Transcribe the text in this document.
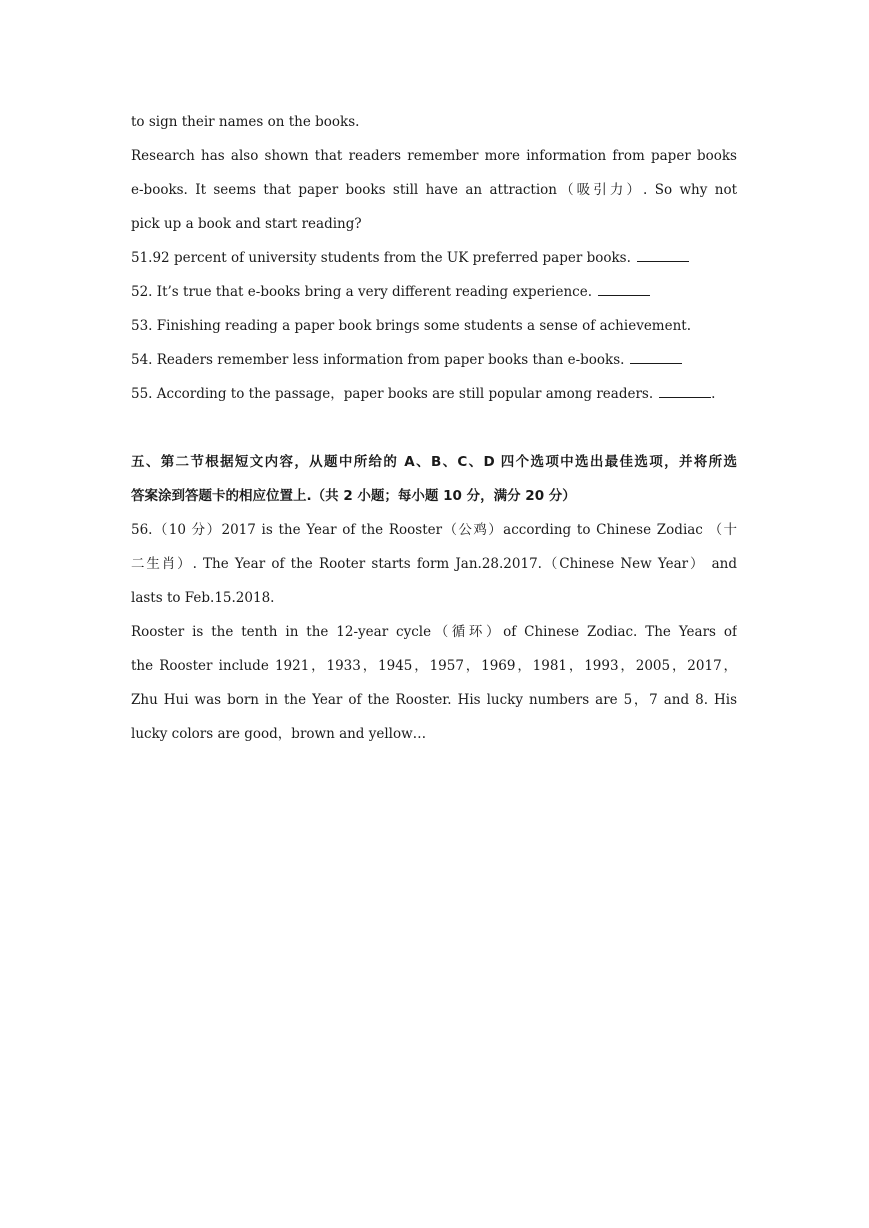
to sign their names on the books.
Research has also shown that readers remember more information from paper books
e‑books. It seems that paper books still have an attraction（吸引力）. So why not
pick up a book and start reading?
51.92 percent of university students from the UK preferred paper books.
52. It’s true that e‑books bring a very different reading experience.
53. Finishing reading a paper book brings some students a sense of achievement.
54. Readers remember less information from paper books than e‑books.
55. According to the passage，paper books are still popular among readers.	.
五、第二节根据短文内容，从题中所给的 A、B、C、D 四个选项中选出最佳选项，并将所选
答案涂到答题卡的相应位置上.（共 2 小题；每小题 10 分，满分 20 分）
56.（10 分）2017 is the Year of the Rooster（公鸡）according to Chinese Zodiac （十
二生肖）. The Year of the Rooter starts form Jan.28.2017.（Chinese New Year） and
lasts to Feb.15.2018.
Rooster is the tenth in the 12‑year cycle（循环）of Chinese Zodiac. The Years of
the Rooster include 1921，1933，1945，1957，1969，1981，1993，2005，2017，
Zhu Hui was born in the Year of the Rooster. His lucky numbers are 5，7 and 8. His
lucky colors are good，brown and yellow…
